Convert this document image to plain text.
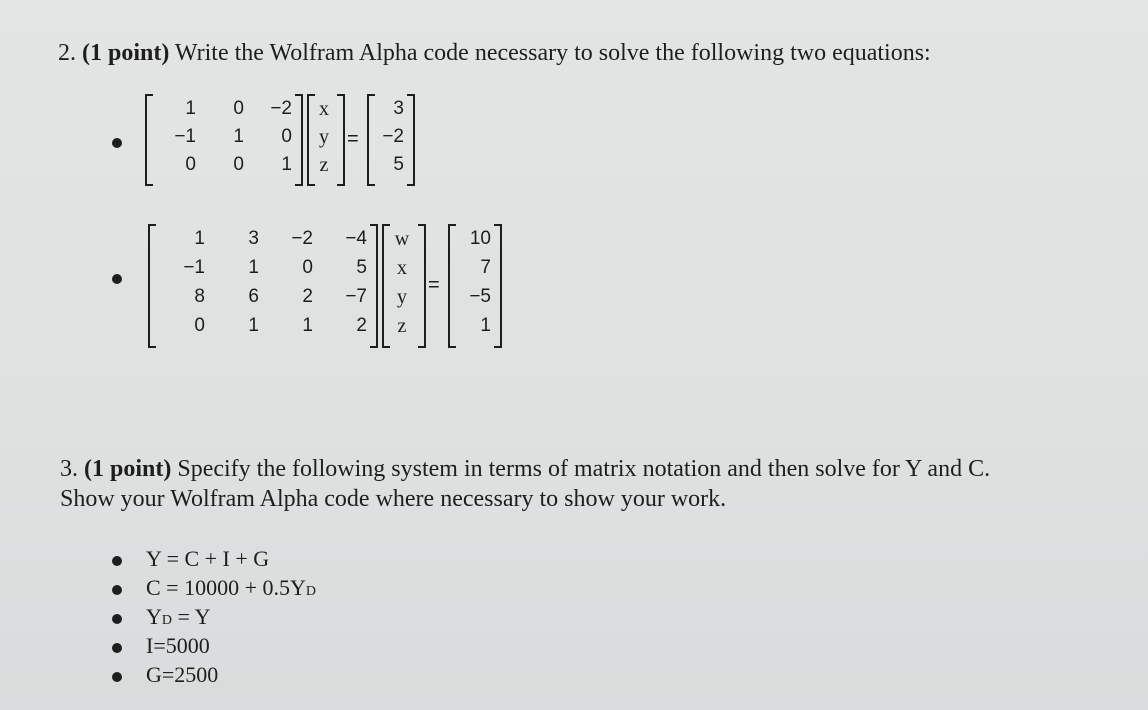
2. (1 point) Write the Wolfram Alpha code necessary to solve the following two equations:
1	0	−2
−1	1	0
0	0	1
x
y
z
=
3
−2
5
1	3	−2	−4
−1	1	0	5
8	6	2	−7
0	1	1	2
w
x
y
z
=
10
7
−5
1
3. (1 point) Specify the following system in terms of matrix notation and then solve for Y and C.
Show your Wolfram Alpha code where necessary to show your work.
Y = C + I + G
C = 10000 + 0.5YD
YD = Y
I=5000
G=2500
